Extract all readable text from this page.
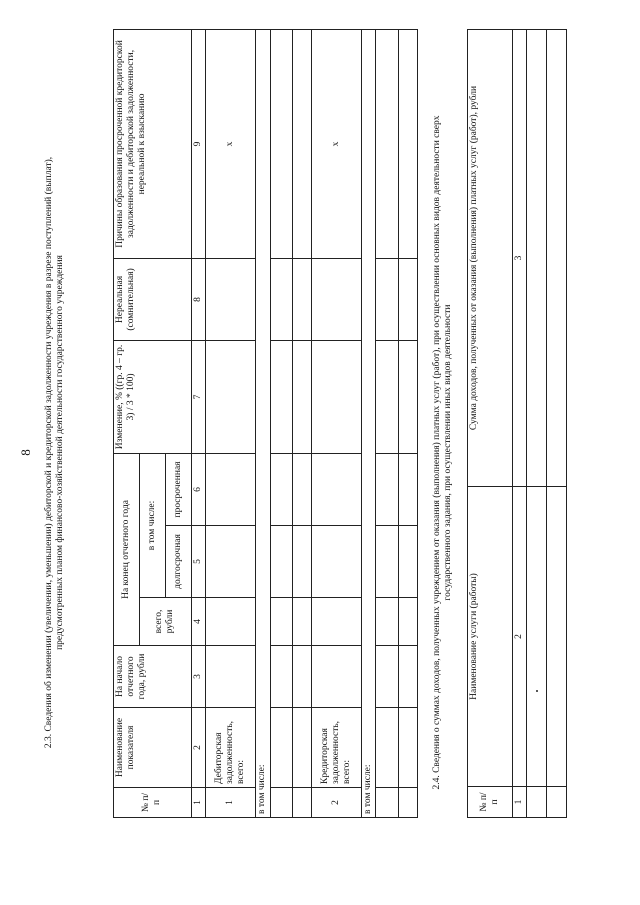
8 2.3. Сведения об изменении (увеличении, уменьшении) дебиторской и кредиторской задолженности учреждения в разрезе поступлений (выплат), предусмотренных планом финансово-хозяйственной деятельности государственного учреждения
№ п/п	Наименование показателя	На начало отчетного года, рубли	На конец отчетного года			Изменение, % ((гр. 4 – гр. 3) / 3 * 100)	Нереальная (сомнительная)	Причины образования просроченной кредиторской задолженности и дебиторской задолженности, нереальной к взысканию
			всего, рубли	в том числе:				
				долгосрочная	просроченная			
1	2	3	4	5	6	7	8	9
1	Дебиторская задолженность, всего:							x
в том числе:								

2	Кредиторская задолженность, всего:							x
в том числе:								

									2.4. Сведения о суммах доходов, полученных учреждением от оказания (выполнения) платных услуг (работ), при осуществлении основных видов деятельности сверх государственного задания, при осуществлении иных видов деятельности
№ п/п	Наименование услуги (работы)	Сумма доходов, полученных от оказания (выполнения) платных услуг (работ), рубли
1	2	3
